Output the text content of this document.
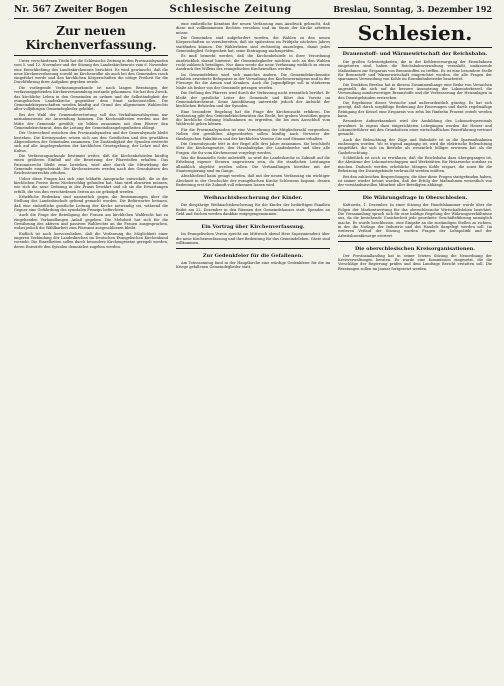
Nr. 567 Zweiter Bogen	Schlesische Zeitung	Breslau, Sonntag, 3. Dezember 192
Zur neuen Kirchenverfassung.

Unter verschiedenen Titeln hat die Schlesische Zeitung in den Provinzialsynoden vom 5. und 12. November und der Sitzung des Landeskirchenrats vom 6. November eine Entschließung des Landeskirchenrats berichtet. Es wird gewünscht, daß die neue Kirchenverfassung sowohl im Kirchenvolke als auch bei den Gemeinden rasch eingeführt werde und den kirchlichen Körperschaften die nötige Freiheit für die Durchführung ihrer Aufgaben gegeben werde.

Die vorliegende Verfassungsurkunde ist nach langen Beratungen der verfassunggebenden Kirchenversammlung zustande gekommen. Sie hat den Zweck, das kirchliche Leben in den Gemeinden zu ordnen und die Selbständigkeit der evangelischen Landeskirche gegenüber dem Staat sicherzustellen. Die Gemeindekörperschaften werden künftig auf Grund des allgemeinen Wahlrechts aller volljährigen Gemeindeglieder gebildet.

Bei der Wahl der Gemeindevertretung soll das Verhältniswahlsystem nur ausnahmsweise zur Anwendung kommen. Die Kirchenältesten werden aus der Mitte der Gemeinde gewählt; sie bilden zusammen mit dem Pfarrer den Gemeindekirchenrat, dem die Leitung der Gemeindeangelegenheiten obliegt.

Der Unterschied zwischen den Provinzialsynoden und der Generalsynode bleibt bestehen. Die Kreissynoden setzen sich aus den Geistlichen und den gewählten Abgeordneten der Gemeinden zusammen. Die Zuständigkeit der Synoden erstreckt sich auf alle Angelegenheiten der kirchlichen Gesetzgebung, der Lehre und des Kultus.

Die Verfassungsurkunde bestimmt weiter, daß die Kirchenbehörden künftig einen größeren Einfluß auf die Besetzung der Pfarrstellen erhalten. Das Patronatsrecht bleibt zwar bestehen, wird aber durch die Mitwirkung der Gemeinde eingeschränkt. Die Kirchensteuern werden nach den Grundsätzen des Reichssteuerrechts erhoben.

Ueber diese Fragen hat sich eine lebhafte Aussprache entwickelt, die in der kirchlichen Presse ihren Niederschlag gefunden hat. Man wird abwarten müssen, wie sich die neue Ordnung in der Praxis bewährt und ob sie die Erwartungen erfüllt, die von den verschiedenen Seiten an sie geknüpft werden.

Erhebliche Bedenken sind namentlich gegen die Bestimmungen über die Stellung des Landesbischofs geltend gemacht worden. Die Befürworter betonen, daß eine einheitliche geistliche Leitung der Kirche notwendig sei, während die Gegner eine Gefährdung des synodalen Prinzips befürchten.

Auch die Frage der Beteiligung der Frauen am kirchlichen Wahlrecht hat zu eingehenden Verhandlungen Anlaß gegeben. Die Mehrheit hat sich für die Gewährung des aktiven und passiven Wahlrechts an die Frauen ausgesprochen, wobei jedoch die Wählbarkeit zum Pfarramt ausgeschlossen bleibt.

Endlich ist noch hervorzuheben, daß die Verfassung die Möglichkeit einer engeren Verbindung der Landeskirchen im Deutschen Evangelischen Kirchenbund vorsieht. Die Einzelheiten sollen durch besondere Kirchengesetze geregelt werden, deren Entwürfe den Synoden demnächst zugehen werden.

eine einheitliche Kenntnis der neuen Verfassung zum Ausdruck gebracht, daß diese mit vollkommenen Rechten versehen und im Sinne der Kirche arbeiten müsse.

Die Gemeinden sind aufgefordert worden, die Wahlen zu den neuen Körperschaften so vorzubereiten, daß sie spätestens im Frühjahr nächsten Jahres stattfinden können. Die Wählerlisten sind rechtzeitig auszulegen, damit jedes Gemeindeglied Gelegenheit hat, seine Eintragung nachzuprüfen.

Es muß bemerkt werden, daß die Kirchenbehörde in ihrer Verordnung ausdrücklich darauf hinweist, die Gemeindeglieder möchten sich an den Wahlen recht zahlreich beteiligen. Nur dann werde die neue Verfassung wirklich zu einem Ausdruck des Willens des evangelischen Kirchenvolkes werden.

Im Gemeindeleben wird sich manches ändern. Die Gemeindekirchenräte erhalten erweiterte Befugnisse in der Verwaltung des Kirchenvermögens und in der Fürsorge für die Armen und Kranken. Auch die Jugendpflege soll in stärkerem Maße als bisher von der Gemeinde getragen werden.

Die Stellung des Pfarrers wird durch die Verfassung nicht wesentlich berührt. Er bleibt der geistliche Leiter der Gemeinde und führt den Vorsitz im Gemeindekirchenrat. Seine Amtsführung untersteht jedoch der Aufsicht der kirchlichen Behörden und der Synoden.

Eine besondere Regelung hat die Frage der Kirchenzucht erfahren. Die Verfassung gibt den Gemeindekirchenräten das Recht, bei groben Verstößen gegen die kirchliche Ordnung Maßnahmen zu ergreifen, die bis zum Ausschluß vom Wahlrecht gehen können.

Für die Provinzialsynoden ist eine Vermehrung der Mitgliederzahl vorgesehen. Neben den gewählten Abgeordneten sollen künftig auch Vertreter der theologischen Fakultäten und der kirchlichen Vereine Sitz und Stimme erhalten.

Die Generalsynode tritt in der Regel alle drei Jahre zusammen. Sie beschließt über die Kirchengesetze, den Haushaltsplan der Landeskirche und über alle Fragen, die ihr vom Kirchensenat vorgelegt werden.

Was die finanzielle Seite anbetrifft, so wird die Landeskirche in Zukunft auf die Erhebung eigener Steuern angewiesen sein, da die staatlichen Leistungen allmählich abgelöst werden sollen. Die Verhandlungen hierüber mit der Staatsregierung sind im Gange.

Abschließend kann gesagt werden, daß mit der neuen Verfassung ein wichtiger Abschnitt in der Geschichte der evangelischen Kirche Schlesiens beginnt, dessen Bedeutung erst die Zukunft voll erkennen lassen wird.

Weihnachtsbescherung der Kinder.

Die diesjährige Weihnachtsbescherung für die Kinder der bedürftigen Familien findet am 22. Dezember in den Räumen des Gemeindehauses statt. Spenden an Geld und Sachen werden dankbar entgegengenommen.

Ein Vortrag über Kirchenverfassung.

Im Evangelischen Verein spricht am Mittwoch abend Herr Superintendent über die neue Kirchenverfassung und ihre Bedeutung für das Gemeindeleben. Gäste sind willkommen.

Zur Gedenkfeier für die Gefallenen.

Am Totensonntag fand in der Hauptkirche eine würdige Gedenkfeier für die im Kriege gefallenen Gemeindeglieder statt.

Schlesien.
Drauenstoff- und Wärmewirtschaft der Reichsbahn.

Die großen Schwierigkeiten, die in der Kohlenversorgung der Eisenbahnen eingetreten sind, haben die Reichsbahnverwaltung veranlaßt, umfassende Maßnahmen zur Ersparnis von Brennstoffen zu treffen. Es ist eine besondere Stelle für Brennstoff- und Wärmewirtschaft eingerichtet worden, die alle Fragen der sparsamen Verwendung von Kohle im Eisenbahnbetriebe bearbeitet.

Die Direktion Breslau hat in diesem Zusammenhange eine Reihe von Versuchen angestellt, die sich auf die bessere Ausnutzung der Lokomotivkessel, die Verwendung minderwertiger Brennstoffe und die Verbesserung der Heizanlagen in den Dienstgebäuden erstrecken.

Die Ergebnisse dieser Versuche sind außerordentlich günstig. Es hat sich gezeigt, daß durch sorgfältige Bedienung der Feuerungen und durch regelmäßige Reinigung der Kessel eine Ersparnis von zehn bis fünfzehn Prozent erzielt werden kann.

Besondere Aufmerksamkeit wird der Ausbildung des Lokomotivpersonals gewidmet. In eigens dazu eingerichteten Lehrgängen werden die Heizer und Lokomotivführer mit den Grundsätzen einer wirtschaftlichen Feuerführung vertraut gemacht.

Auch die Beleuchtung der Züge und Bahnhöfe ist in die Sparmaßnahmen einbezogen worden. Wo es irgend angängig ist, wird die elektrische Beleuchtung eingeführt, die sich im Betriebe als wesentlich billiger erwiesen hat als die Gasbeleuchtung.

Schließlich ist noch zu erwähnen, daß die Reichsbahn dazu übergegangen ist, die Abwärme der Lokomotivschuppen und Werkstätten für Heizzwecke nutzbar zu machen. Dadurch werden erhebliche Mengen Kohle erspart, die sonst für die Beheizung der Dienstgebäude verbraucht werden müßten.

Bei den zahlreichen Besprechungen, die über diese Fragen stattgefunden haben, ist immer wieder betont worden, daß der Erfolg der Maßnahmen wesentlich von der verständnisvollen Mitarbeit aller Beteiligten abhängt.

Die Währungsfrage in Oberschlesien.

Kattowitz, 1. Dezember. In einer Sitzung der Handelskammer wurde über die Folgen der Markentwertung für das oberschlesische Wirtschaftsleben berichtet. Die Versammlung sprach sich für eine baldige Regelung der Währungsverhältnisse aus, da die bestehende Unsicherheit jede geordnete Geschäftsführung unmöglich mache. Es wurde beschlossen, eine Eingabe an die zuständigen Stellen zu richten, in der die Notlage der Industrie und des Handels dargelegt werden soll. Im weiteren Verlauf der Sitzung wurden Fragen der Lohnpolitik und der Arbeitslosenfürsorge erörtert.

Die oberschlesischen Kreisorganisationen.

Der Provinziallandtag hat in seiner letzten Sitzung die Neuordnung der Kreisverwaltungen beraten. Es wurde eine Kommission eingesetzt, die die Vorschläge der Regierung prüfen und dem Landtage Bericht erstatten soll. Die Beratungen sollen im Januar fortgesetzt werden.
